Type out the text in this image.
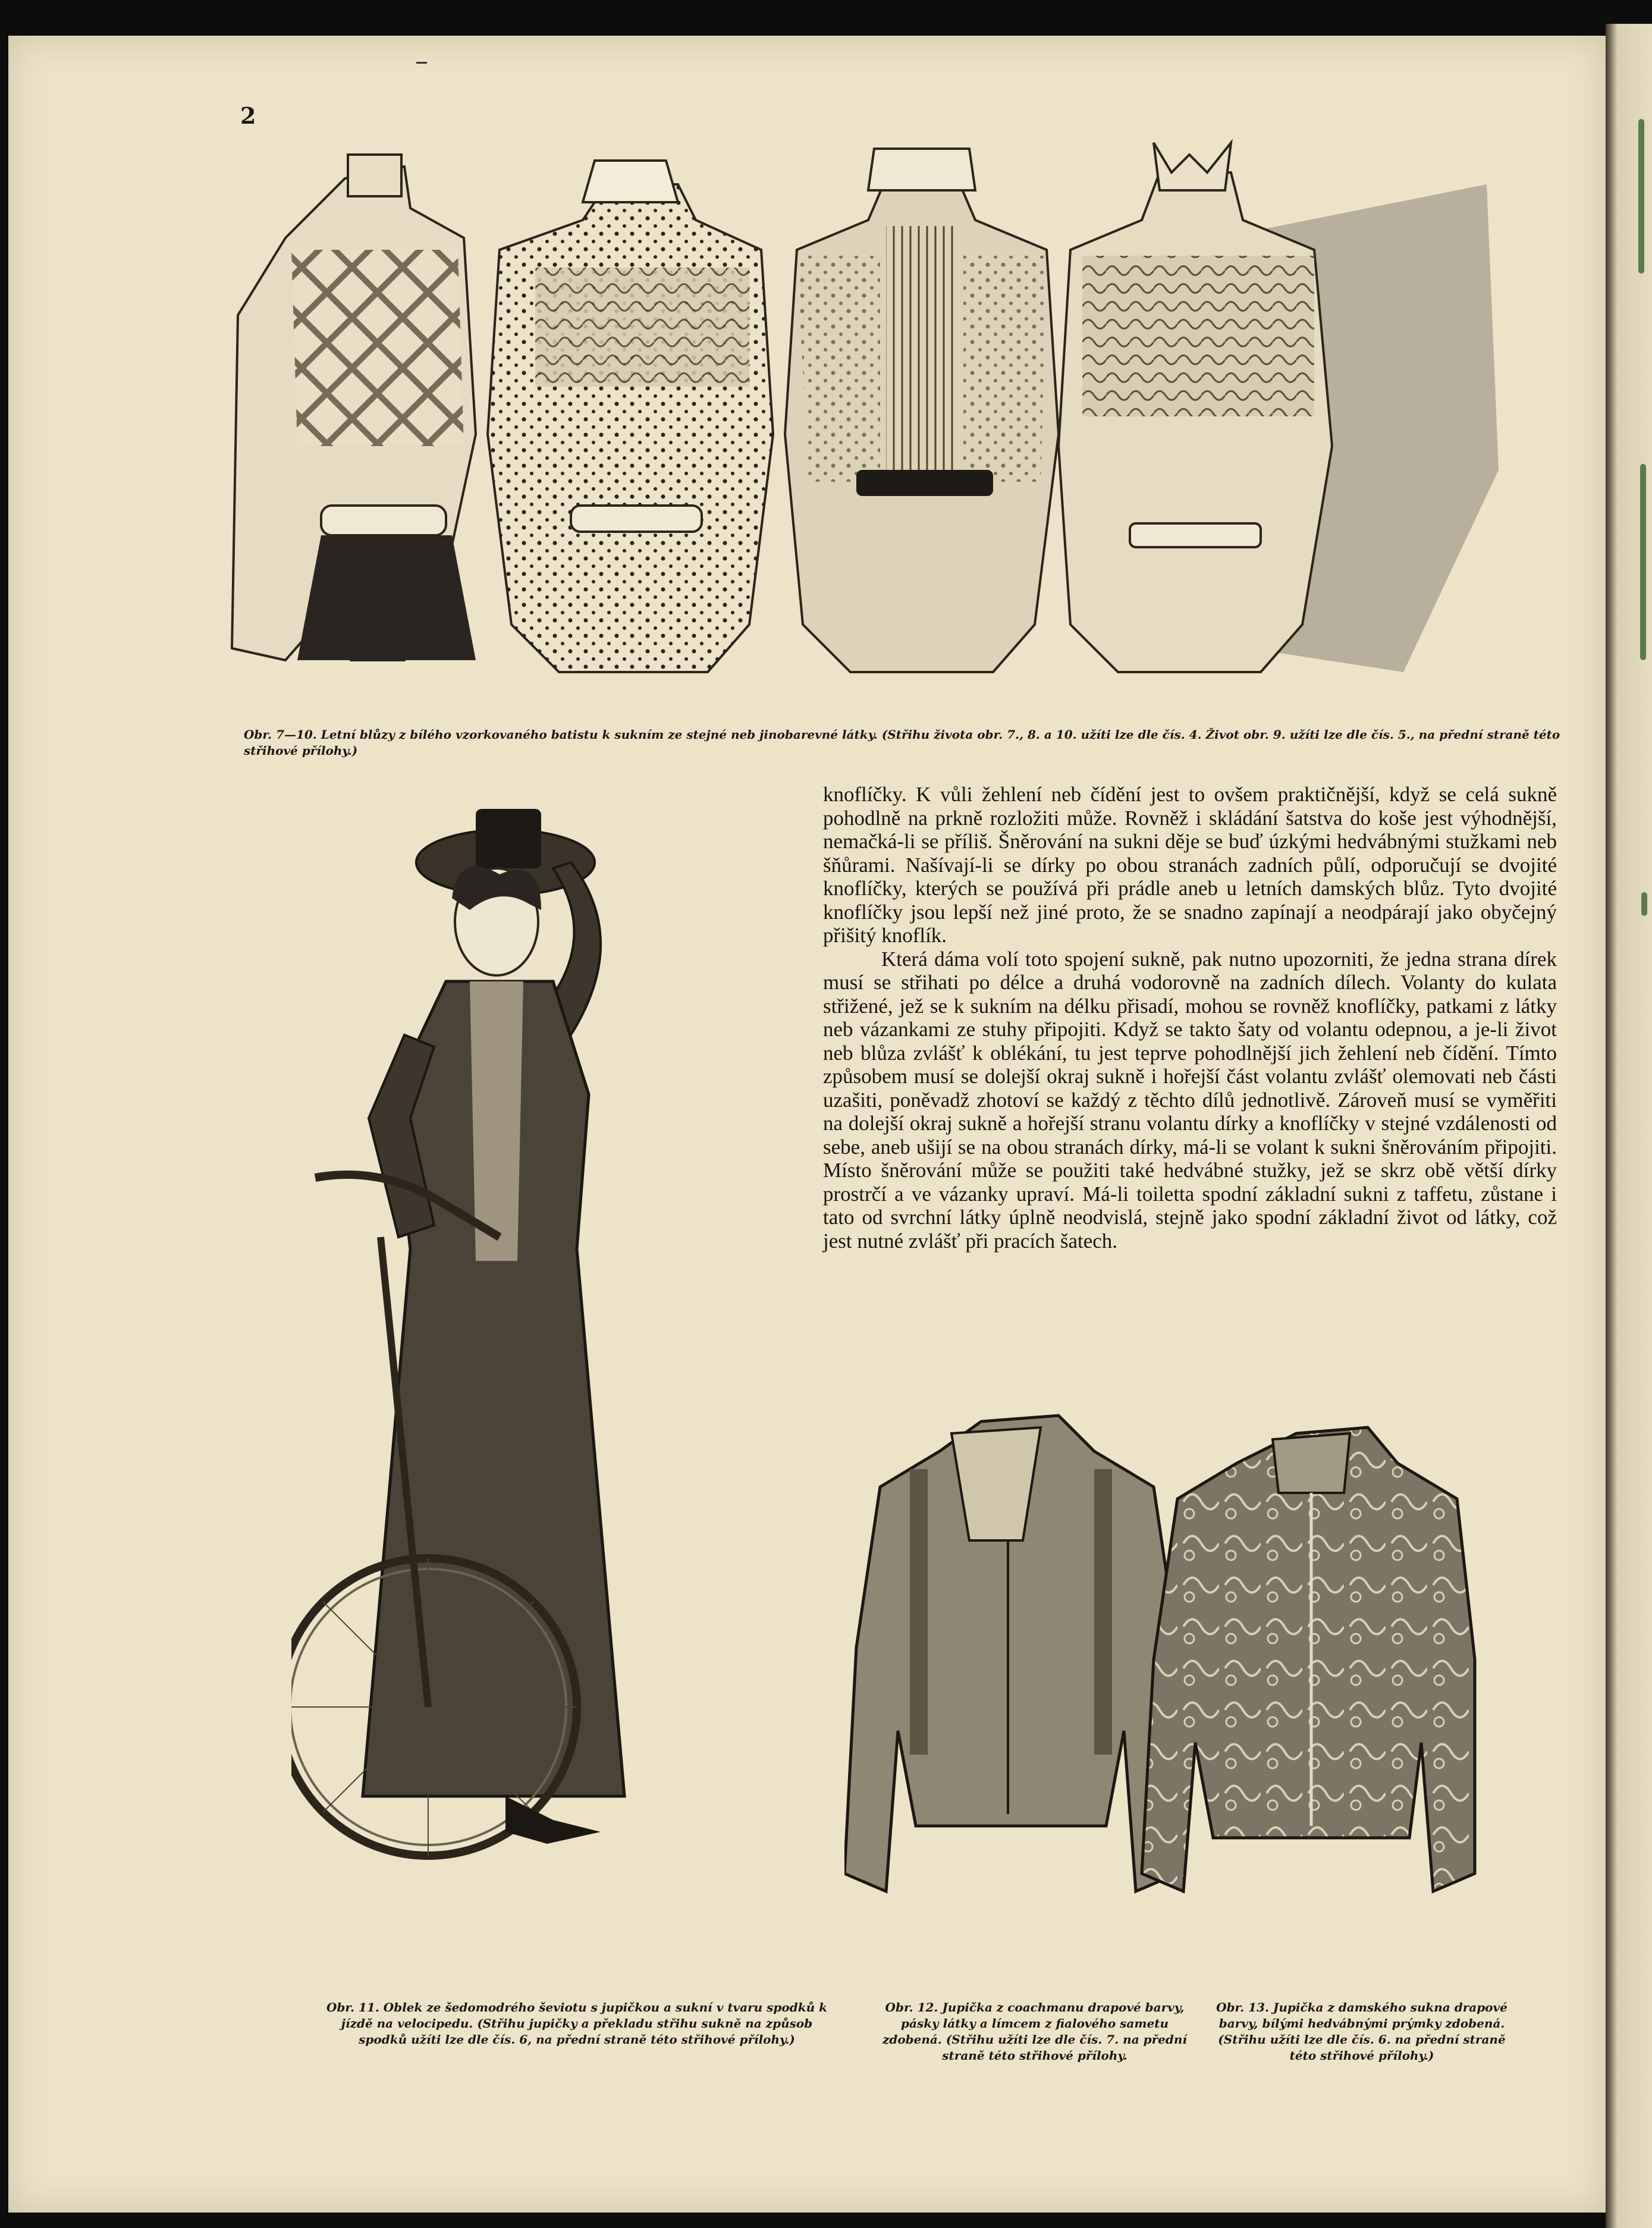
2
Obr. 7—10. Letní blůzy z bílého vzorkovaného batistu k sukním ze stejné neb jinobarevné látky. (Střihu života obr. 7., 8. a 10. užíti lze dle čís. 4. Život obr. 9. užíti lze dle čís. 5., na přední straně této střihové přílohy.)

knoflíčky. K vůli žehlení neb čídění jest to ovšem praktičnější, když se celá sukně pohodlně na prkně rozložiti může. Rovněž i skládání šatstva do koše jest výhodnější, nemačká-li se příliš. Šněrování na sukni děje se buď úzkými hedvábnými stužkami neb šňůrami. Našívají-li se dírky po obou stranách zadních půlí, odporučují se dvojité knoflíčky, kterých se používá při prádle aneb u letních damských blůz. Tyto dvojité knoflíčky jsou lepší než jiné proto, že se snadno zapínají a neodpárají jako obyčejný přišitý knoflík.

Která dáma volí toto spojení sukně, pak nutno upozorniti, že jedna strana dírek musí se střihati po délce a druhá vodorovně na zadních dílech. Volanty do kulata střižené, jež se k sukním na délku přisadí, mohou se rovněž knoflíčky, patkami z látky neb vázankami ze stuhy připojiti. Když se takto šaty od volantu odepnou, a je-li život neb blůza zvlášť k oblékání, tu jest teprve pohodlnější jich žehlení neb čídění. Tímto způsobem musí se dolejší okraj sukně i hořejší část volantu zvlášť olemovati neb části uzašiti, poněvadž zhotoví se každý z těchto dílů jednotlivě. Zároveň musí se vyměřiti na dolejší okraj sukně a hořejší stranu volantu dírky a knoflíčky v stejné vzdálenosti od sebe, aneb ušijí se na obou stranách dírky, má-li se volant k sukni šněrováním připojiti. Místo šněrování může se použiti také hedvábné stužky, jež se skrz obě větší dírky prostrčí a ve vázanky upraví. Má-li toiletta spodní základní sukni z taffetu, zůstane i tato od svrchní látky úplně neodvislá, stejně jako spodní základní život od látky, což jest nutné zvlášť při pracích šatech.

Obr. 11. Oblek ze šedomodrého ševiotu s jupičkou a sukní v tvaru spodků k jízdě na velocipedu. (Střihu jupičky a překladu střihu sukně na způsob spodků užíti lze dle čís. 6, na přední straně této střihové přílohy.)
Obr. 12. Jupička z coachmanu drapové barvy, pásky látky a límcem z fialového sametu zdobená. (Střihu užíti lze dle čís. 7. na přední straně této střihové přílohy.
Obr. 13. Jupička z damského sukna drapové barvy, bílými hedvábnými prýmky zdobená. (Střihu užíti lze dle čís. 6. na přední straně této střihové přílohy.)
